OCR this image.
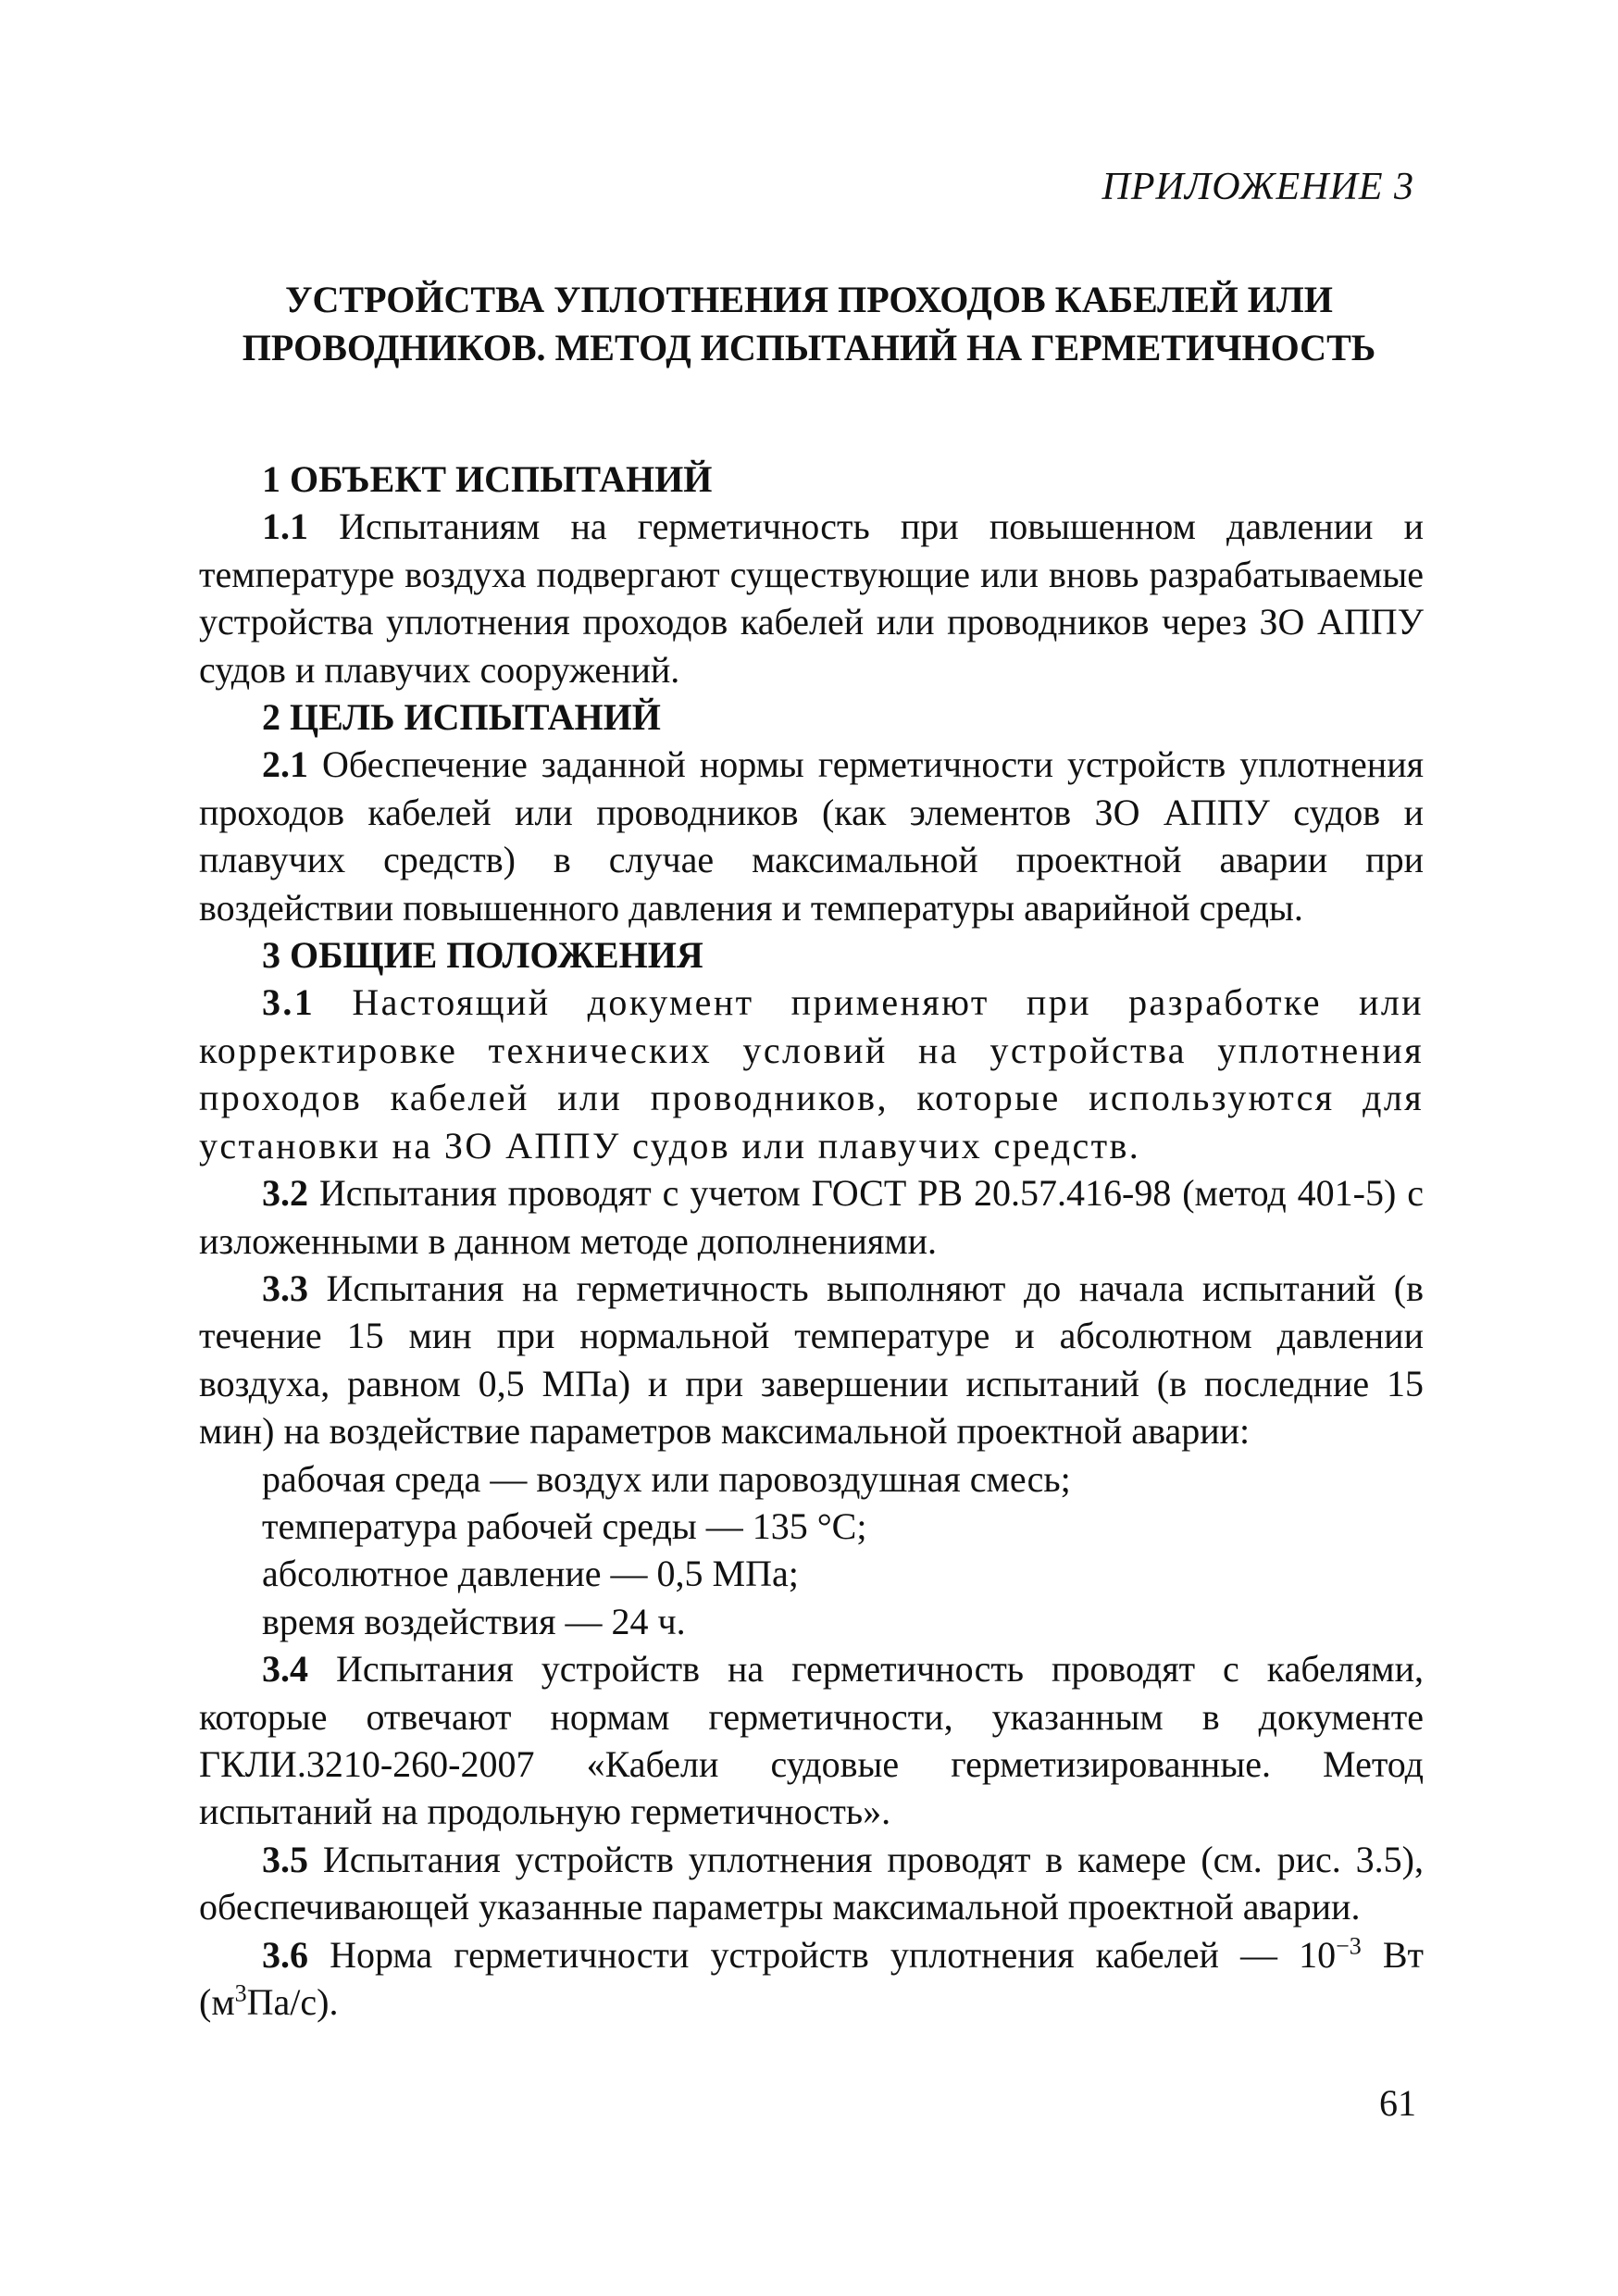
ПРИЛОЖЕНИЕ 3
УСТРОЙСТВА УПЛОТНЕНИЯ ПРОХОДОВ КАБЕЛЕЙ ИЛИ
ПРОВОДНИКОВ. МЕТОД ИСПЫТАНИЙ НА ГЕРМЕТИЧНОСТЬ

1 ОБЪЕКТ ИСПЫТАНИЙ

1.1 Испытаниям на герметичность при повышенном давлении и температуре воздуха подвергают существующие или вновь разрабатываемые устройства уплотнения проходов кабелей или проводников через ЗО АППУ судов и плавучих сооружений.

2 ЦЕЛЬ ИСПЫТАНИЙ

2.1 Обеспечение заданной нормы герметичности устройств уплотнения проходов кабелей или проводников (как элементов ЗО АППУ судов и плавучих средств) в случае максимальной проектной аварии при воздействии повышенного давления и температуры аварийной среды.

3 ОБЩИЕ ПОЛОЖЕНИЯ

3.1 Настоящий документ применяют при разработке или корректировке технических условий на устройства уплотнения проходов кабелей или проводников, которые используются для установки на ЗО АППУ судов или плавучих средств.

3.2 Испытания проводят с учетом ГОСТ РВ 20.57.416-98 (метод 401-5) с изложенными в данном методе дополнениями.

3.3 Испытания на герметичность выполняют до начала испытаний (в течение 15 мин при нормальной температуре и абсолютном давлении воздуха, равном 0,5 МПа) и при завершении испытаний (в последние 15 мин) на воздействие параметров максимальной проектной аварии:

рабочая среда — воздух или паровоздушная смесь;
температура рабочей среды — 135 °C;
абсолютное давление — 0,5 МПа;
время воздействия — 24 ч.

3.4 Испытания устройств на герметичность проводят с кабелями, которые отвечают нормам герметичности, указанным в документе ГКЛИ.3210-260-2007 «Кабели судовые герметизированные. Метод испытаний на продольную герметичность».

3.5 Испытания устройств уплотнения проводят в камере (см. рис. 3.5), обеспечивающей указанные параметры максимальной проектной аварии.

3.6 Норма герметичности устройств уплотнения кабелей — $10^{-3}$ Вт $(м^3Па/с)$.

61
